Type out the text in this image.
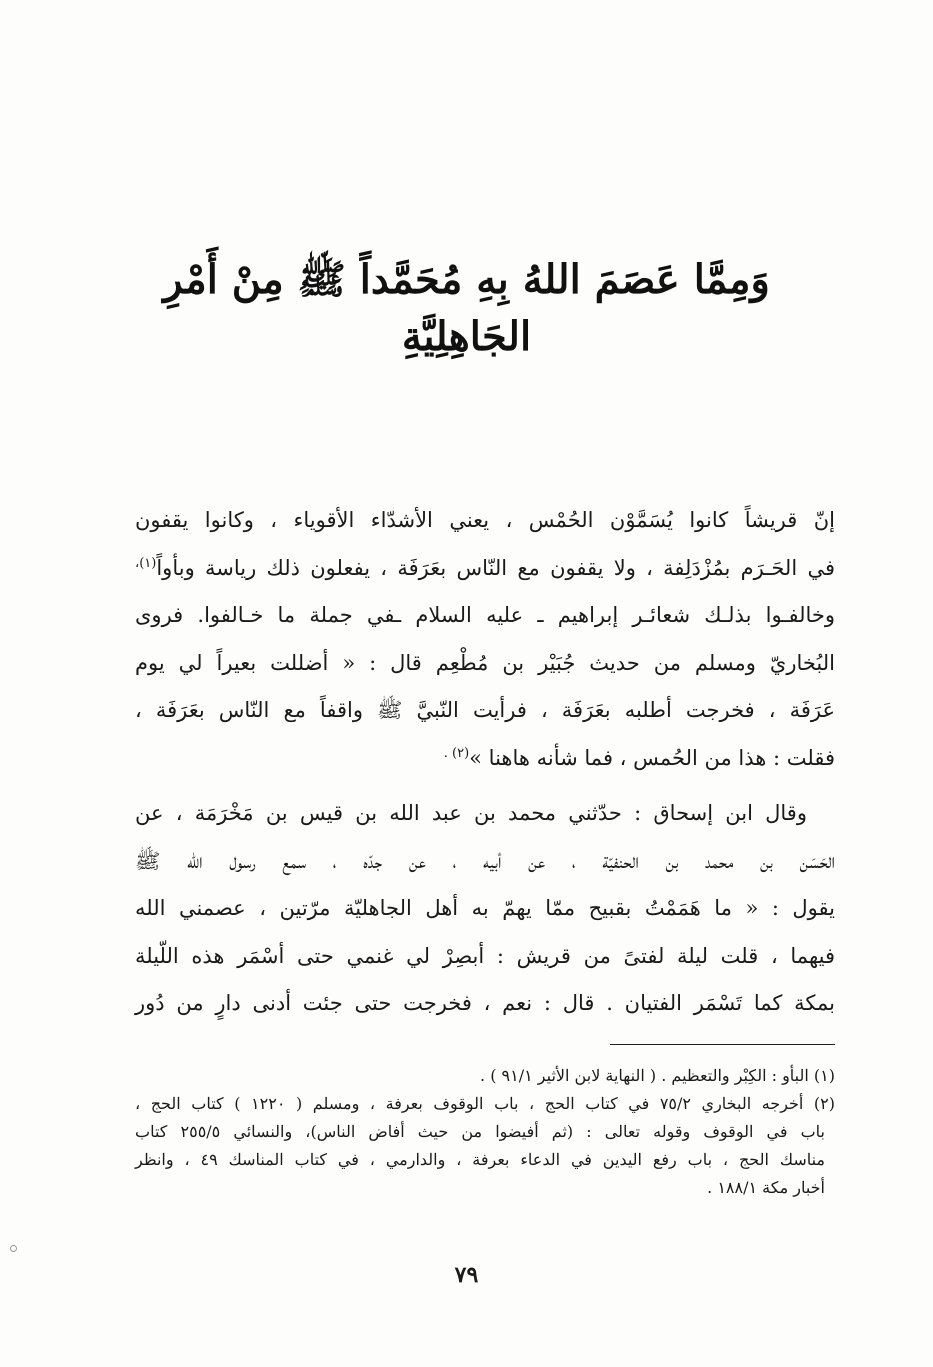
وَمِمَّا عَصَمَ اللهُ بِهِ مُحَمَّداً ﷺ مِنْ أَمْرِ الجَاهِلِيَّةِ

إنّ قريشاً كانوا يُسَمَّوْن الحُمْس ، يعني الأشدّاء الأقوياء ، وكانوا يقفون
في الحَـرَم بمُزْدَلِفة ، ولا يقفون مع النّاس بعَرَفَة ، يفعلون ذلك رياسة وبأواً$^{(١)،}$
وخالفـوا بذلـك شعائـر إبراهيم ـ عليه السلام ـفي جملة ما خـالفوا. فروى
البُخاريّ ومسلم من حديث جُبَيْر بن مُطْعِم قال : « أضللت بعيراً لي يوم
عَرَفَة ، فخرجت أطلبه بعَرَفَة ، فرأيت النّبيَّ ﷺ واقفاً مع النّاس بعَرَفَة ،
فقلت : هذا من الحُمس ، فما شأنه هاهنا »$^{(٢) .}$

وقال ابن إسحاق : حدّثني محمد بن عبد الله بن قيس بن مَخْرَمَة ، عن
الحَسَن بن محمد بن الحنفيّة ، عن أبيه ، عن جدّه ، سمع رسول الله ﷺ
يقول : « ما هَمَمْتُ بقبيح ممّا يهمّ به أهل الجاهليّة مرّتين ، عصمني الله
فيهما ، قلت ليلة لفتىً من قريش : أبصِرْ لي غنمي حتى أسْمَر هذه اللّيلة
بمكة كما تَسْمَر الفتيان . قال : نعم ، فخرجت حتى جئت أدنى دارٍ من دُور

(١) البأو : الكِبْر والتعظيم . ( النهاية لابن الأثير ٩١/١ ) .
(٢) أخرجه البخاري ٧٥/٢ في كتاب الحج ، باب الوقوف بعرفة ، ومسلم ( ١٢٢٠ ) كتاب الحج ،
باب في الوقوف وقوله تعالى : (ثم أفيضوا من حيث أفاض الناس)، والنسائي ٢٥٥/٥ كتاب
مناسك الحج ، باب رفع اليدين في الدعاء بعرفة ، والدارمي ، في كتاب المناسك ٤٩ ، وانظر
أخبار مكة ١٨٨/١ .
٧٩
